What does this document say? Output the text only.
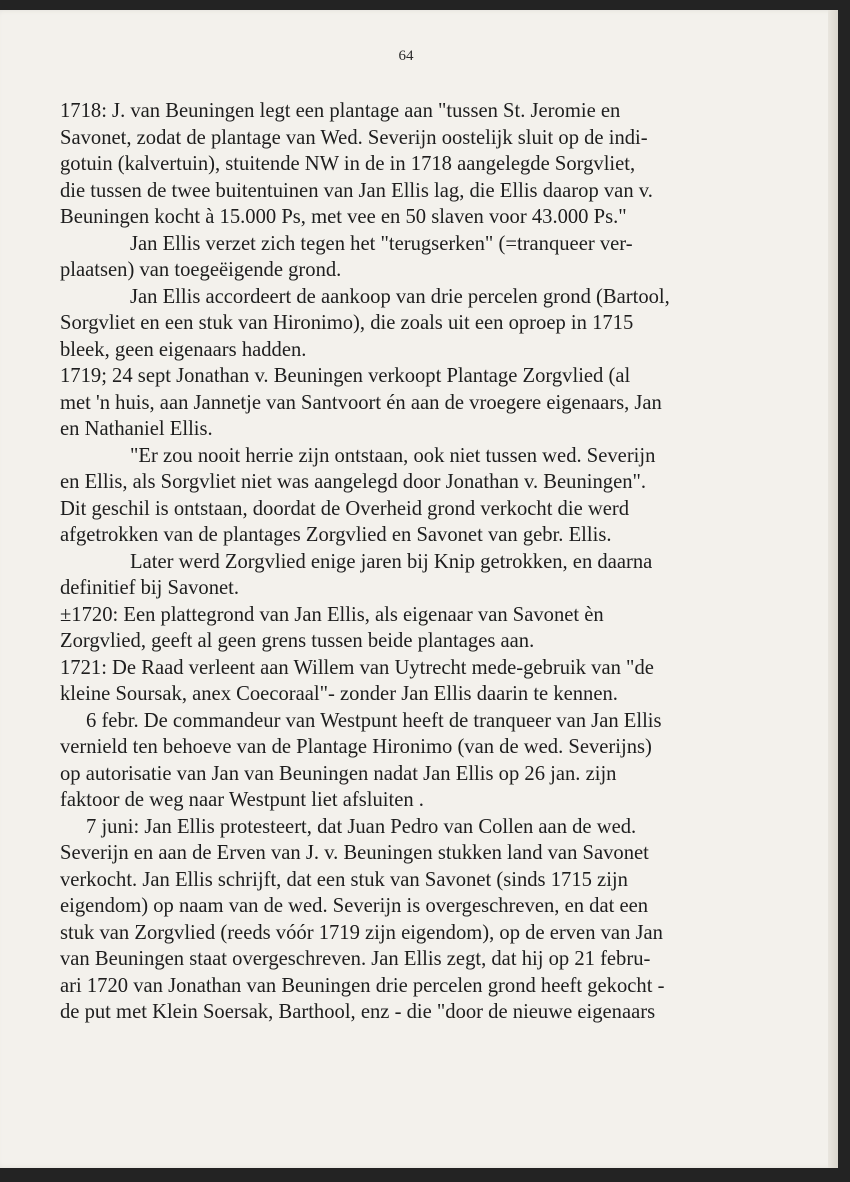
64
1718: J. van Beuningen legt een plantage aan "tussen St. Jeromie en
Savonet, zodat de plantage van Wed. Severijn oostelijk sluit op de indi-
gotuin (kalvertuin), stuitende NW in de in 1718 aangelegde Sorgvliet,
die tussen de twee buitentuinen van Jan Ellis lag, die Ellis daarop van v.
Beuningen kocht à 15.000 Ps, met vee en 50 slaven voor 43.000 Ps."
Jan Ellis verzet zich tegen het "terugserken" (=tranqueer ver-
plaatsen) van toegeëigende grond.
Jan Ellis accordeert de aankoop van drie percelen grond (Bartool,
Sorgvliet en een stuk van Hironimo), die zoals uit een oproep in 1715
bleek, geen eigenaars hadden.
1719; 24 sept Jonathan v. Beuningen verkoopt Plantage Zorgvlied (al
met 'n huis, aan Jannetje van Santvoort én aan de vroegere eigenaars, Jan
en Nathaniel Ellis.
"Er zou nooit herrie zijn ontstaan, ook niet tussen wed. Severijn
en Ellis, als Sorgvliet niet was aangelegd door Jonathan v. Beuningen".
Dit geschil is ontstaan, doordat de Overheid grond verkocht die werd
afgetrokken van de plantages Zorgvlied en Savonet van gebr. Ellis.
Later werd Zorgvlied enige jaren bij Knip getrokken, en daarna
definitief bij Savonet.
±1720: Een plattegrond van Jan Ellis, als eigenaar van Savonet èn
Zorgvlied, geeft al geen grens tussen beide plantages aan.
1721: De Raad verleent aan Willem van Uytrecht mede-gebruik van "de
kleine Soursak, anex Coecoraal"- zonder Jan Ellis daarin te kennen.
6 febr. De commandeur van Westpunt heeft de tranqueer van Jan Ellis
vernield ten behoeve van de Plantage Hironimo (van de wed. Severijns)
op autorisatie van Jan van Beuningen nadat Jan Ellis op 26 jan. zijn
faktoor de weg naar Westpunt liet afsluiten .
7 juni: Jan Ellis protesteert, dat Juan Pedro van Collen aan de wed.
Severijn en aan de Erven van J. v. Beuningen stukken land van Savonet
verkocht. Jan Ellis schrijft, dat een stuk van Savonet (sinds 1715 zijn
eigendom) op naam van de wed. Severijn is overgeschreven, en dat een
stuk van Zorgvlied (reeds vóór 1719 zijn eigendom), op de erven van Jan
van Beuningen staat overgeschreven. Jan Ellis zegt, dat hij op 21 febru-
ari 1720 van Jonathan van Beuningen drie percelen grond heeft gekocht -
de put met Klein Soersak, Barthool, enz - die "door de nieuwe eigenaars
